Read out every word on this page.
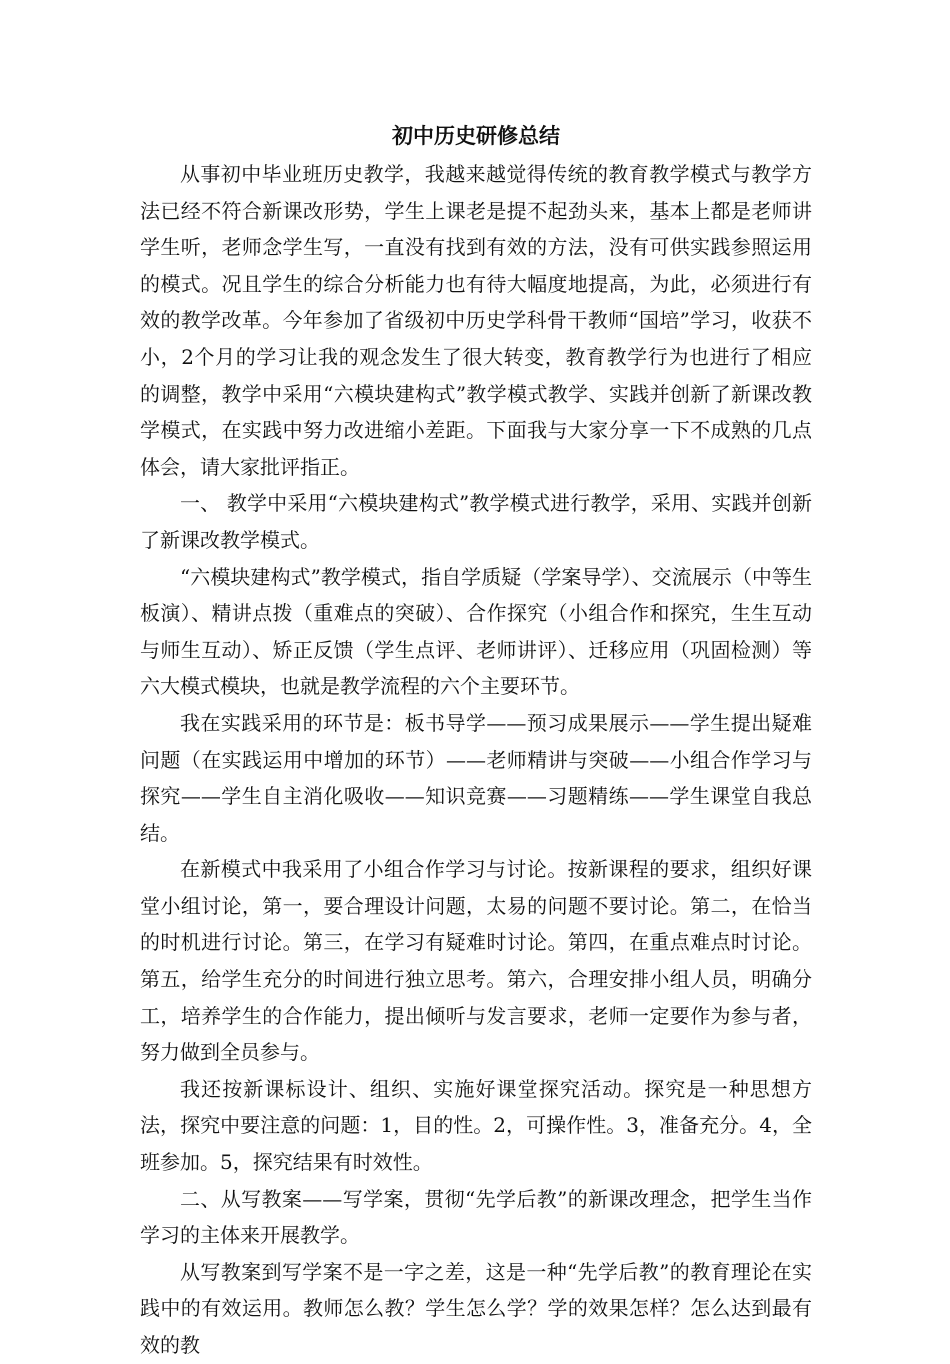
初中历史研修总结

从事初中毕业班历史教学，我越来越觉得传统的教育教学模式与教学方法已经不符合新课改形势，学生上课老是提不起劲头来，基本上都是老师讲学生听，老师念学生写，一直没有找到有效的方法，没有可供实践参照运用的模式。况且学生的综合分析能力也有待大幅度地提高，为此，必须进行有效的教学改革。今年参加了省级初中历史学科骨干教师“国培”学习，收获不小，2个月的学习让我的观念发生了很大转变，教育教学行为也进行了相应的调整，教学中采用“六模块建构式”教学模式教学、实践并创新了新课改教学模式，在实践中努力改进缩小差距。下面我与大家分享一下不成熟的几点体会，请大家批评指正。

一、 教学中采用“六模块建构式”教学模式进行教学，采用、实践并创新了新课改教学模式。

“六模块建构式”教学模式，指自学质疑（学案导学）、交流展示（中等生板演）、精讲点拨（重难点的突破）、合作探究（小组合作和探究，生生互动与师生互动）、矫正反馈（学生点评、老师讲评）、迁移应用（巩固检测）等六大模式模块，也就是教学流程的六个主要环节。

我在实践采用的环节是：板书导学——预习成果展示——学生提出疑难问题（在实践运用中增加的环节）——老师精讲与突破——小组合作学习与探究——学生自主消化吸收——知识竞赛——习题精练——学生课堂自我总结。

在新模式中我采用了小组合作学习与讨论。按新课程的要求，组织好课堂小组讨论，第一，要合理设计问题，太易的问题不要讨论。第二，在恰当的时机进行讨论。第三，在学习有疑难时讨论。第四，在重点难点时讨论。第五，给学生充分的时间进行独立思考。第六，合理安排小组人员，明确分工，培养学生的合作能力，提出倾听与发言要求，老师一定要作为参与者，努力做到全员参与。

我还按新课标设计、组织、实施好课堂探究活动。探究是一种思想方法，探究中要注意的问题：1，目的性。2，可操作性。3，准备充分。4，全班参加。5，探究结果有时效性。

二、从写教案——写学案，贯彻“先学后教”的新课改理念，把学生当作学习的主体来开展教学。

从写教案到写学案不是一字之差，这是一种“先学后教”的教育理论在实践中的有效运用。教师怎么教？学生怎么学？学的效果怎样？怎么达到最有效的教
